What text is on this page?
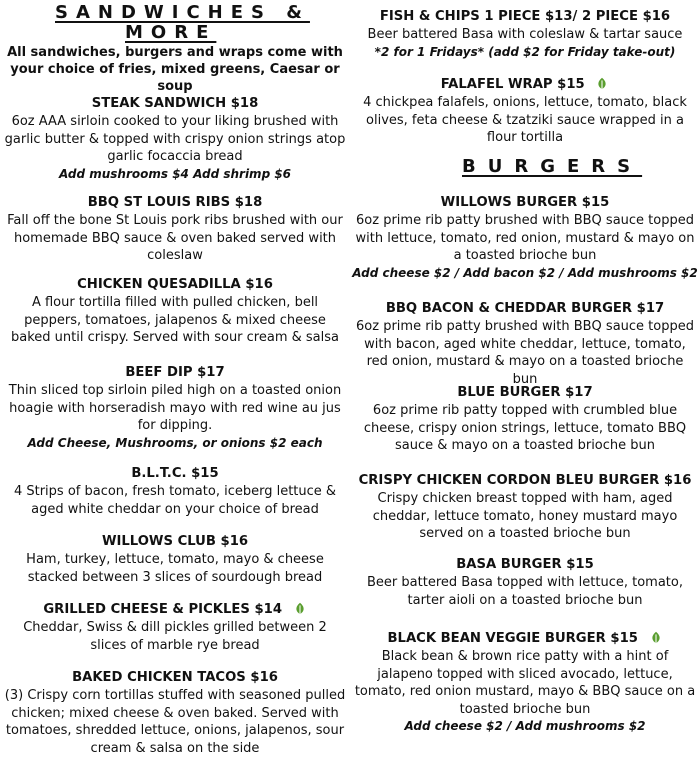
SANDWICHES &
MORE
All sandwiches, burgers and wraps come with
your choice of fries, mixed greens, Caesar or soup
STEAK SANDWICH $18
6oz AAA sirloin cooked to your liking brushed with garlic butter & topped with crispy onion strings atop garlic focaccia bread
Add mushrooms $4 Add shrimp $6
BBQ ST LOUIS RIBS $18
Fall off the bone St Louis pork ribs brushed with our homemade BBQ sauce & oven baked served with coleslaw
CHICKEN QUESADILLA $16
A flour tortilla filled with pulled chicken, bell peppers, tomatoes, jalapenos & mixed cheese baked until crispy. Served with sour cream & salsa
BEEF DIP $17
Thin sliced top sirloin piled high on a toasted onion hoagie with horseradish mayo with red wine au jus for dipping.
Add Cheese, Mushrooms, or onions $2 each
B.L.T.C. $15
4 Strips of bacon, fresh tomato, iceberg lettuce & aged white cheddar on your choice of bread
WILLOWS CLUB $16
Ham, turkey, lettuce, tomato, mayo & cheese stacked between 3 slices of sourdough bread
GRILLED CHEESE & PICKLES $14
Cheddar, Swiss & dill pickles grilled between 2 slices of marble rye bread
BAKED CHICKEN TACOS $16
(3) Crispy corn tortillas stuffed with seasoned pulled chicken; mixed cheese & oven baked. Served with tomatoes, shredded lettuce, onions, jalapenos, sour cream & salsa on the side
FISH & CHIPS 1 PIECE $13/ 2 PIECE $16
Beer battered Basa with coleslaw & tartar sauce
*2 for 1 Fridays* (add $2 for Friday take-out)
FALAFEL WRAP $15
4 chickpea falafels, onions, lettuce, tomato, black olives, feta cheese & tzatziki sauce wrapped in a flour tortilla
BURGERS
WILLOWS BURGER $15
6oz prime rib patty brushed with BBQ sauce topped with lettuce, tomato, red onion, mustard & mayo on a toasted brioche bun
Add cheese $2 / Add bacon $2 / Add mushrooms $2
BBQ BACON & CHEDDAR BURGER $17
6oz prime rib patty brushed with BBQ sauce topped with bacon, aged white cheddar, lettuce, tomato, red onion, mustard & mayo on a toasted brioche bun
BLUE BURGER $17
6oz prime rib patty topped with crumbled blue cheese, crispy onion strings, lettuce, tomato BBQ sauce & mayo on a toasted brioche bun
CRISPY CHICKEN CORDON BLEU BURGER $16
Crispy chicken breast topped with ham, aged cheddar, lettuce tomato, honey mustard mayo served on a toasted brioche bun
BASA BURGER $15
Beer battered Basa topped with lettuce, tomato, tarter aioli on a toasted brioche bun
BLACK BEAN VEGGIE BURGER $15
Black bean & brown rice patty with a hint of jalapeno topped with sliced avocado, lettuce, tomato, red onion mustard, mayo & BBQ sauce on a toasted brioche bun
Add cheese $2 / Add mushrooms $2
